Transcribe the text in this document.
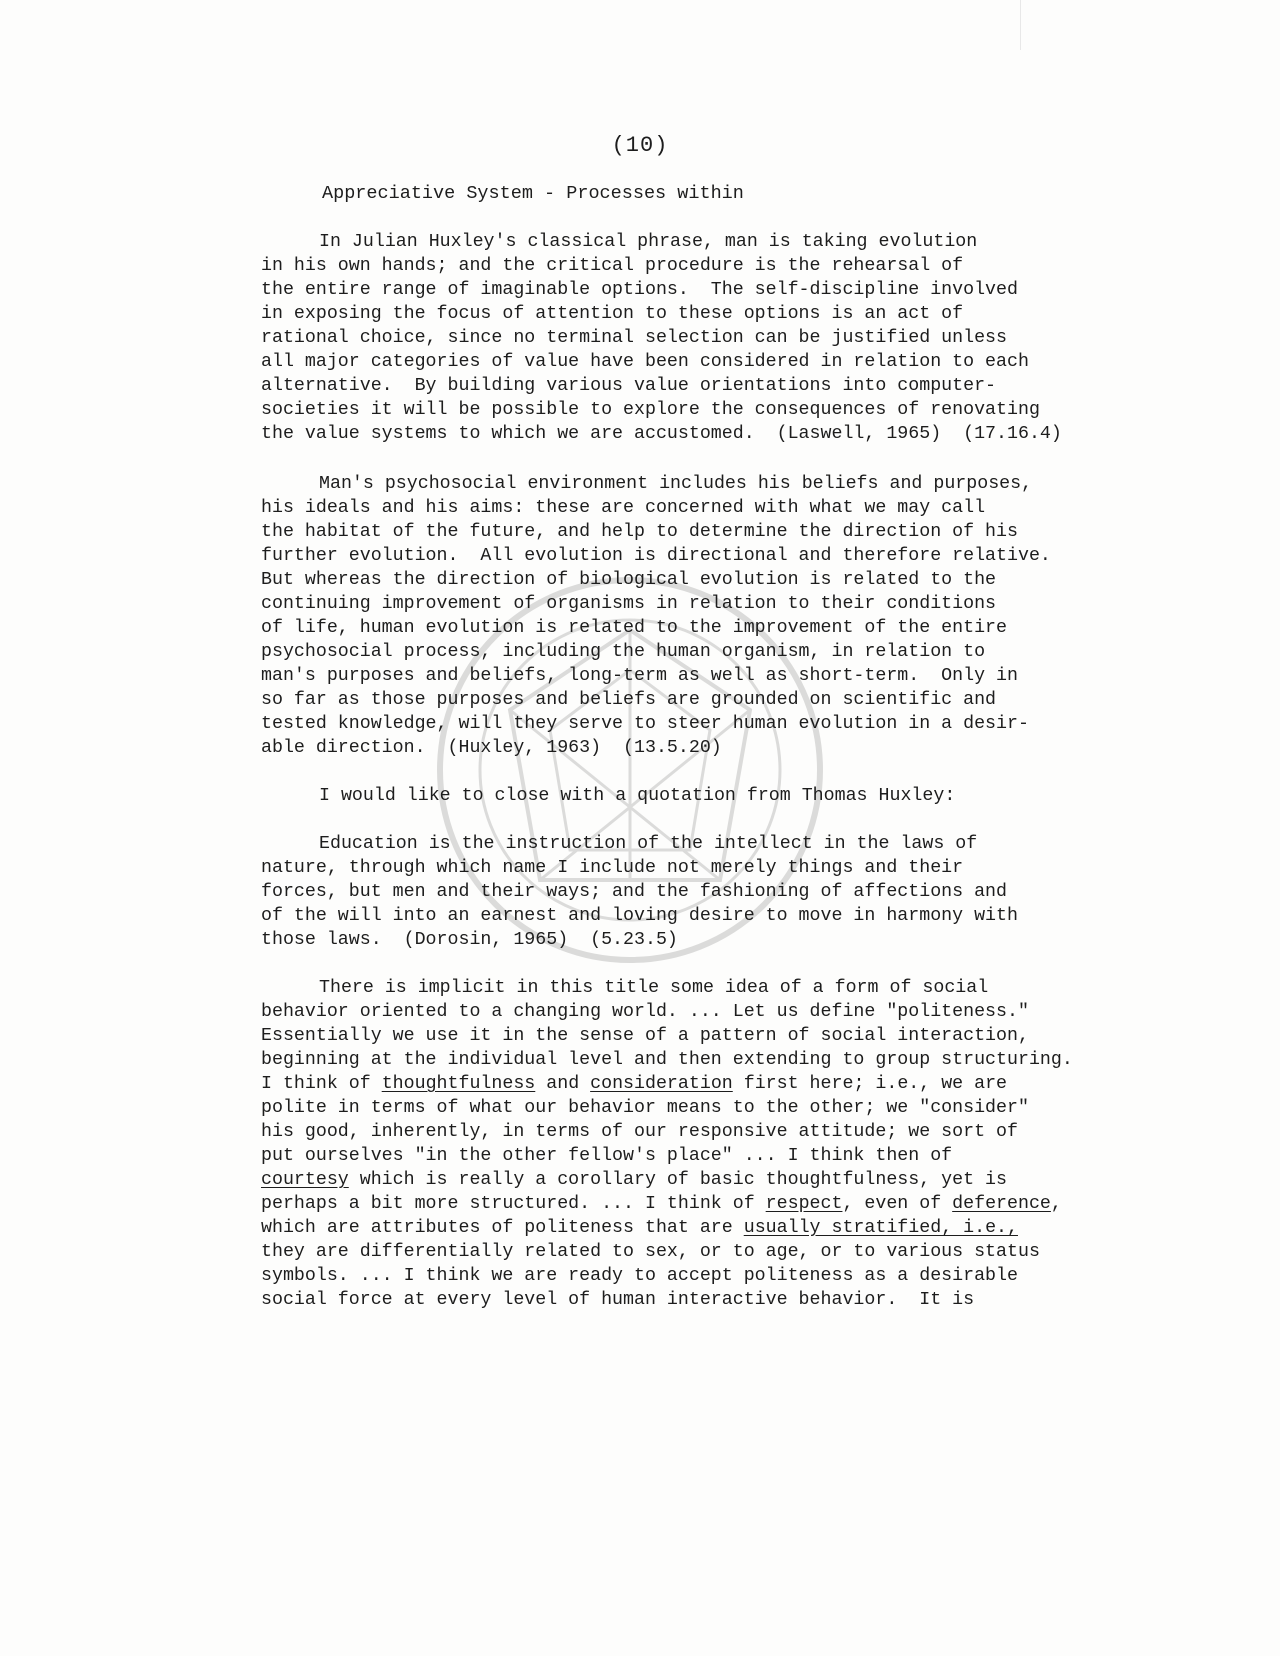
(10)
Appreciative System - Processes within
In Julian Huxley's classical phrase, man is taking evolution
in his own hands; and the critical procedure is the rehearsal of
the entire range of imaginable options.  The self-discipline involved
in exposing the focus of attention to these options is an act of
rational choice, since no terminal selection can be justified unless
all major categories of value have been considered in relation to each
alternative.  By building various value orientations into computer-
societies it will be possible to explore the consequences of renovating
the value systems to which we are accustomed.  (Laswell, 1965)  (17.16.4)
Man's psychosocial environment includes his beliefs and purposes,
his ideals and his aims: these are concerned with what we may call
the habitat of the future, and help to determine the direction of his
further evolution.  All evolution is directional and therefore relative.
But whereas the direction of biological evolution is related to the
continuing improvement of organisms in relation to their conditions
of life, human evolution is related to the improvement of the entire
psychosocial process, including the human organism, in relation to
man's purposes and beliefs, long-term as well as short-term.  Only in
so far as those purposes and beliefs are grounded on scientific and
tested knowledge, will they serve to steer human evolution in a desir-
able direction.  (Huxley, 1963)  (13.5.20)
I would like to close with a quotation from Thomas Huxley:
Education is the instruction of the intellect in the laws of
nature, through which name I include not merely things and their
forces, but men and their ways; and the fashioning of affections and
of the will into an earnest and loving desire to move in harmony with
those laws.  (Dorosin, 1965)  (5.23.5)
There is implicit in this title some idea of a form of social
behavior oriented to a changing world. ... Let us define "politeness."
Essentially we use it in the sense of a pattern of social interaction,
beginning at the individual level and then extending to group structuring.
I think of thoughtfulness and consideration first here; i.e., we are
polite in terms of what our behavior means to the other; we "consider"
his good, inherently, in terms of our responsive attitude; we sort of
put ourselves "in the other fellow's place" ... I think then of
courtesy which is really a corollary of basic thoughtfulness, yet is
perhaps a bit more structured. ... I think of respect, even of deference,
which are attributes of politeness that are usually stratified, i.e.,
they are differentially related to sex, or to age, or to various status
symbols. ... I think we are ready to accept politeness as a desirable
social force at every level of human interactive behavior.  It is
